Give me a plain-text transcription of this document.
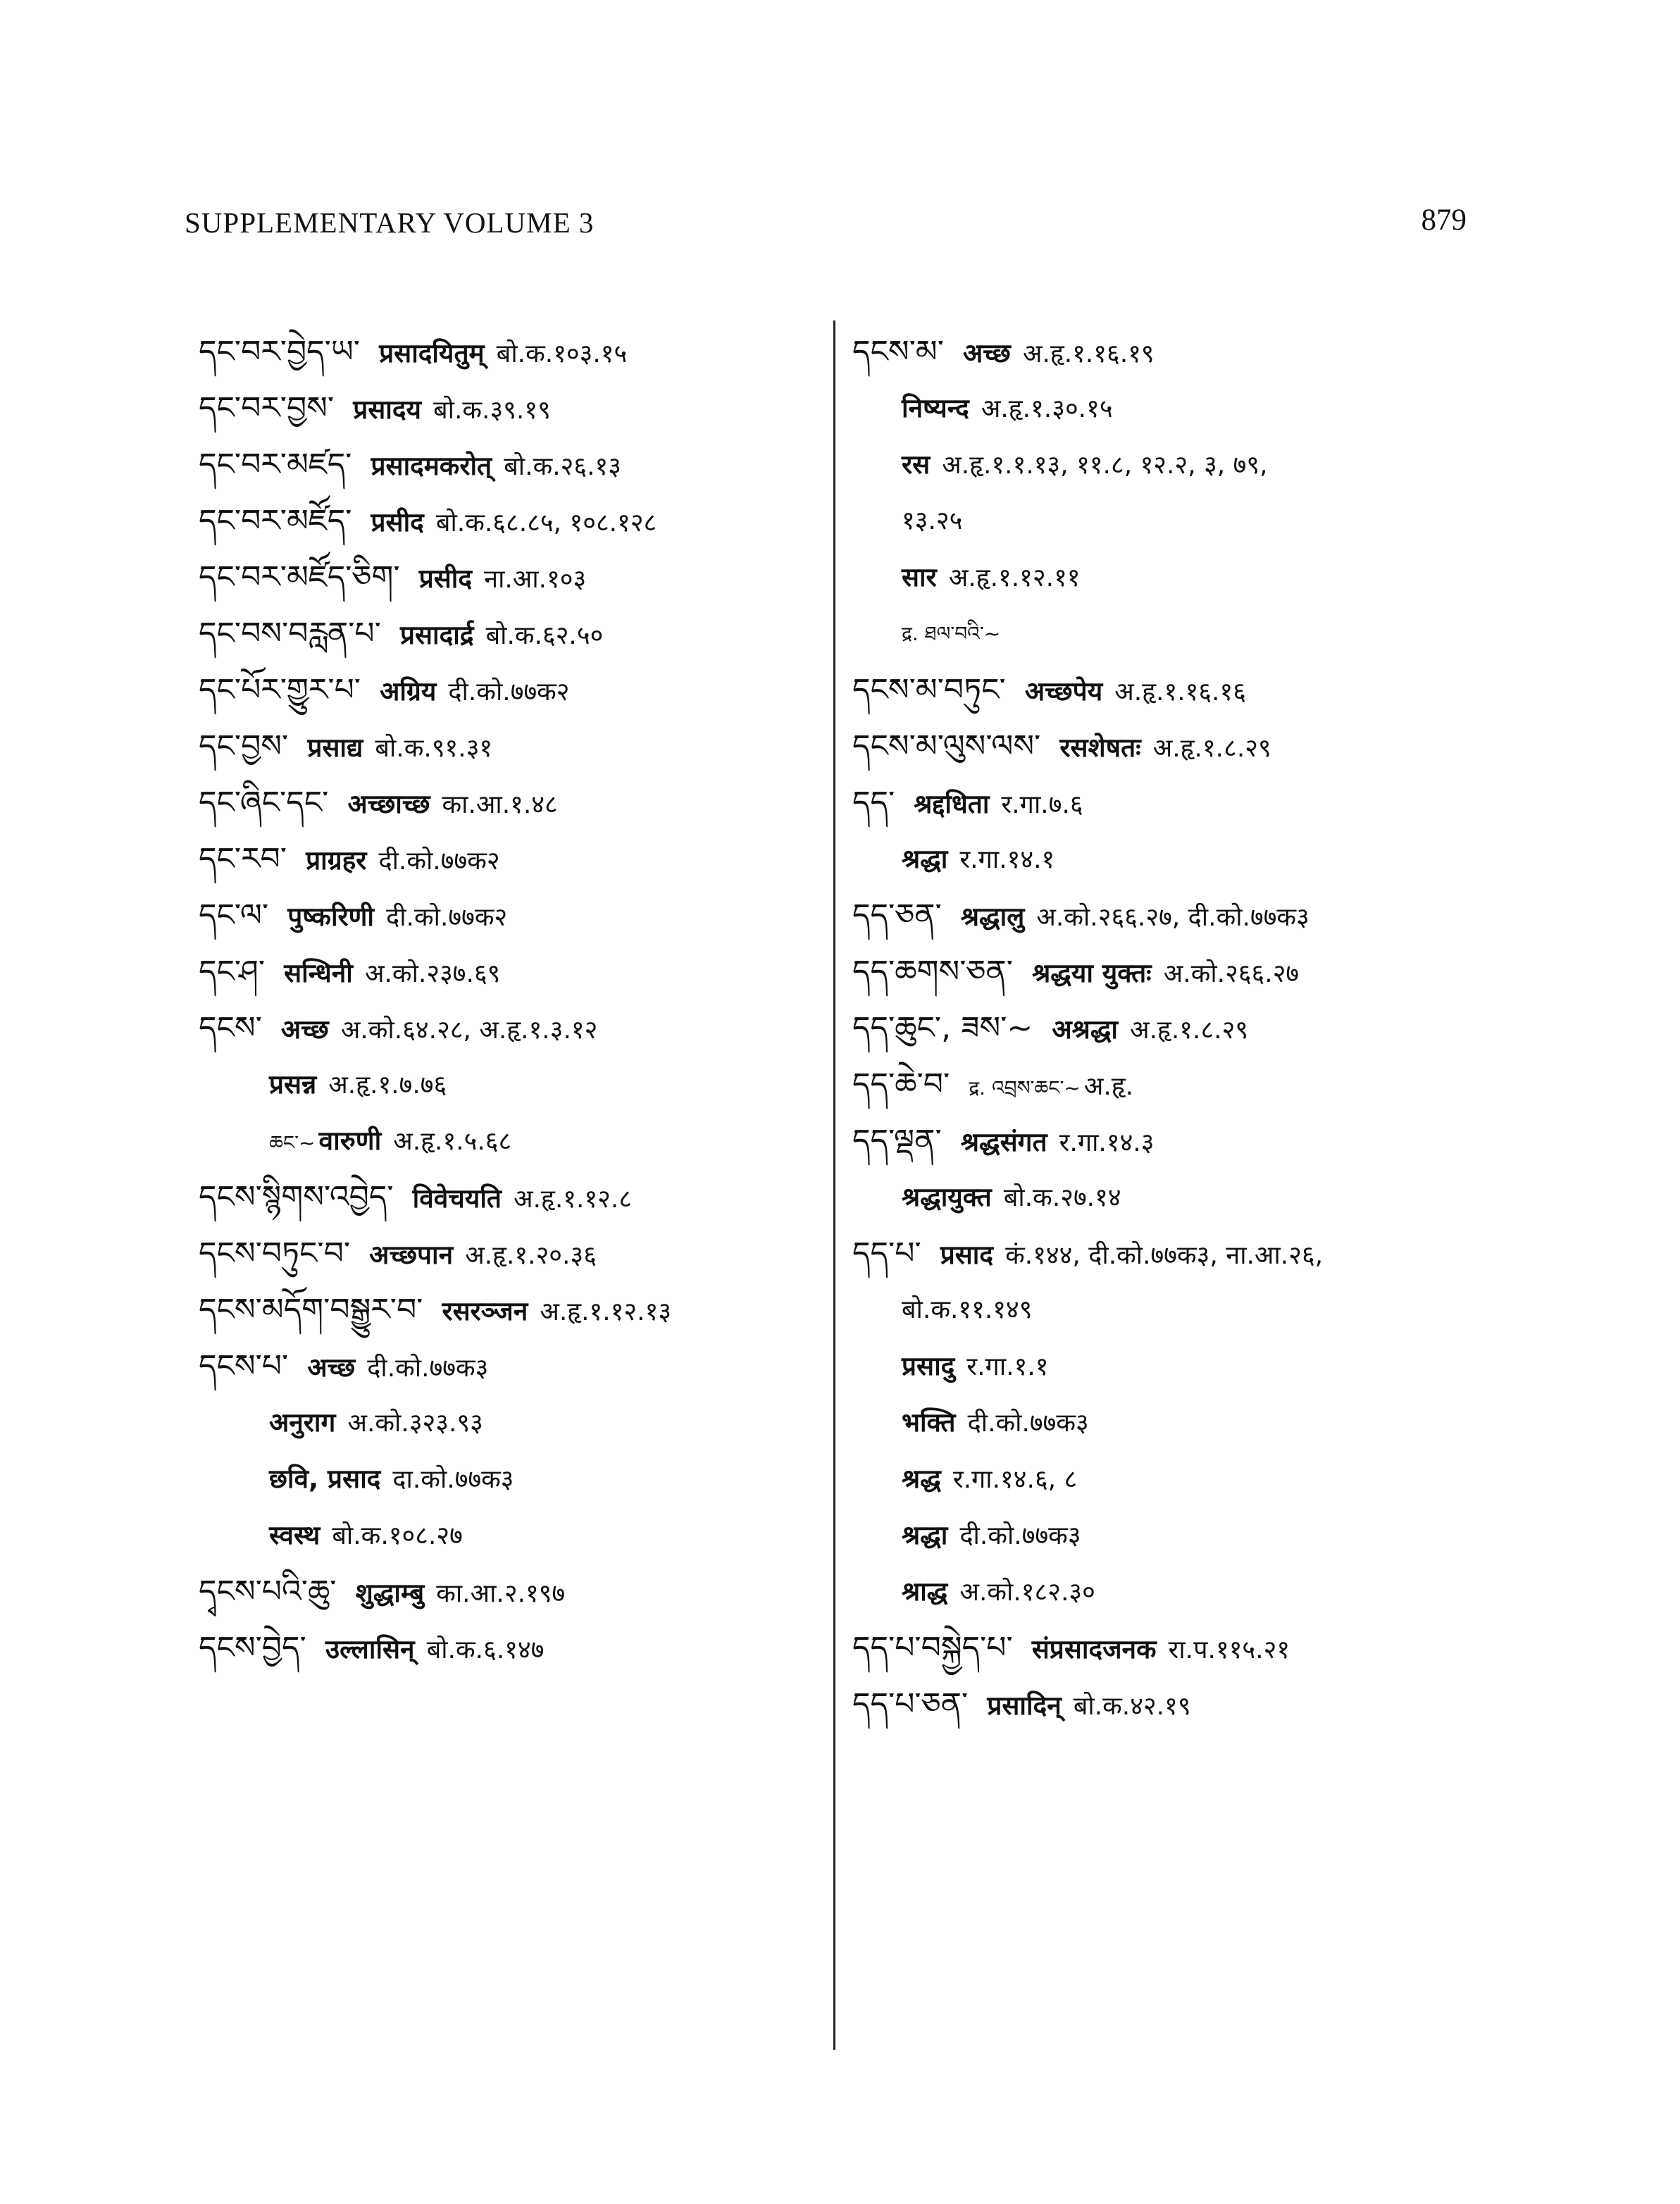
SUPPLEMENTARY VOLUME 3	879
དང་བར་བྱེད་ཡ་ प्रसादयितुम् बो.क.१०३.१५
དང་བར་བྱས་ प्रसादय बो.क.३९.१९
དང་བར་མཛད་ प्रसादमकरोत् बो.क.२६.१३
དང་བར་མཛོད་ प्रसीद बो.क.६८.८५, १०८.१२८
དང་བར་མཛོད་ཅིག་ प्रसीद ना.आ.१०३
དང་བས་བརླན་པ་ प्रसादार्द्र बो.क.६२.५०
དང་པོར་གྱུར་པ་ अग्रिय दी.को.७७क२
དང་བྱས་ प्रसाद्य बो.क.९१.३१
དང་ཞིང་དང་ अच्छाच्छ का.आ.१.४८
དང་རབ་ प्राग्रहर दी.को.७७क२
དང་ལ་ पुष्करिणी दी.को.७७क२
དང་ཤ་ सन्धिनी अ.को.२३७.६९
དངས་ अच्छ अ.को.६४.२८, अ.हृ.१.३.१२
प्रसन्न अ.हृ.१.७.७६
ཆང་~ वारुणी अ.हृ.१.५.६८
དངས་སྙིགས་འབྱེད་ विवेचयति अ.हृ.१.१२.८
དངས་བཏུང་བ་ अच्छपान अ.हृ.१.२०.३६
དངས་མདོག་བསྒྱུར་བ་ रसरञ्जन अ.हृ.१.१२.१३
དངས་པ་ अच्छ दी.को.७७क३
अनुराग अ.को.३२३.९३
छवि, प्रसाद दा.को.७७क३
स्वस्थ बो.क.१०८.२७
དྭངས་པའི་ཆུ་ शुद्धाम्बु का.आ.२.१९७
དངས་བྱེད་ उल्लासिन् बो.क.६.१४७
དངས་མ་ अच्छ अ.हृ.१.१६.१९
निष्यन्द अ.हृ.१.३०.१५
रस अ.हृ.१.१.१३, ११.८, १२.२, ३, ७९,
१३.२५
सार अ.हृ.१.१२.११
द्र. ཐལ་བའི་~
དངས་མ་བཏུང་ अच्छपेय अ.हृ.१.१६.१६
དངས་མ་ལུས་ལས་ रसशेषतः अ.हृ.१.८.२९
དད་ श्रद्दधिता र.गा.७.६
श्रद्धा र.गा.१४.१
དད་ཅན་ श्रद्धालु अ.को.२६६.२७, दी.को.७७क३
དད་ཆགས་ཅན་ श्रद्धया युक्तः अ.को.२६६.२७
དད་ཆུང་, ཟས་~ अश्रद्धा अ.हृ.१.८.२९
དད་ཆེ་བ་ द्र. འབྲས་ཆང་~ अ.हृ.
དད་ལྡན་ श्रद्धसंगत र.गा.१४.३
श्रद्धायुक्त बो.क.२७.१४
དད་པ་ प्रसाद कं.१४४, दी.को.७७क३, ना.आ.२६,
बो.क.११.१४९
प्रसादु र.गा.१.१
भक्ति दी.को.७७क३
श्रद्ध र.गा.१४.६, ८
श्रद्धा दी.को.७७क३
श्राद्ध अ.को.१८२.३०
དད་པ་བསྐྱེད་པ་ संप्रसादजनक रा.प.११५.२१
དད་པ་ཅན་ प्रसादिन् बो.क.४२.१९
